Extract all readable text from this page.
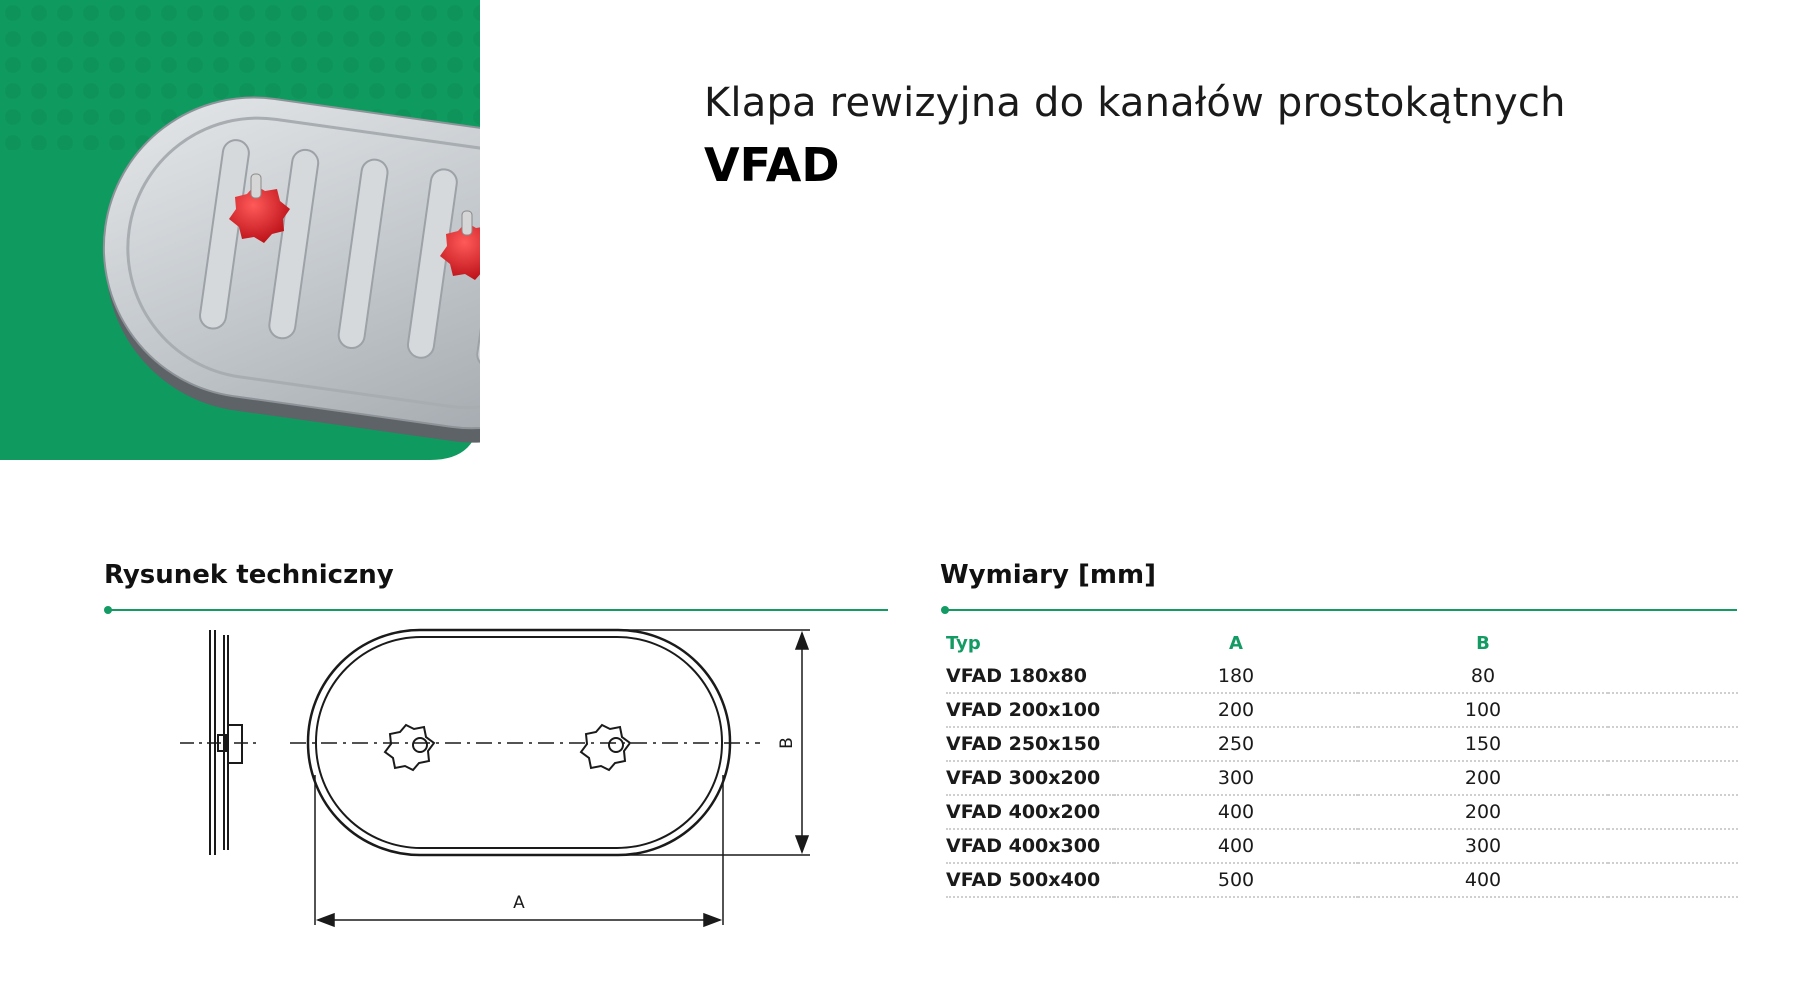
Klapa rewizyjna do kanałów prostokątnych
VFAD
Rysunek techniczny
A
B
Wymiary [mm]
Typ	A	B	
VFAD 180x80	180	80	
VFAD 200x100	200	100	
VFAD 250x150	250	150	
VFAD 300x200	300	200	
VFAD 400x200	400	200	
VFAD 400x300	400	300	
VFAD 500x400	500	400	
